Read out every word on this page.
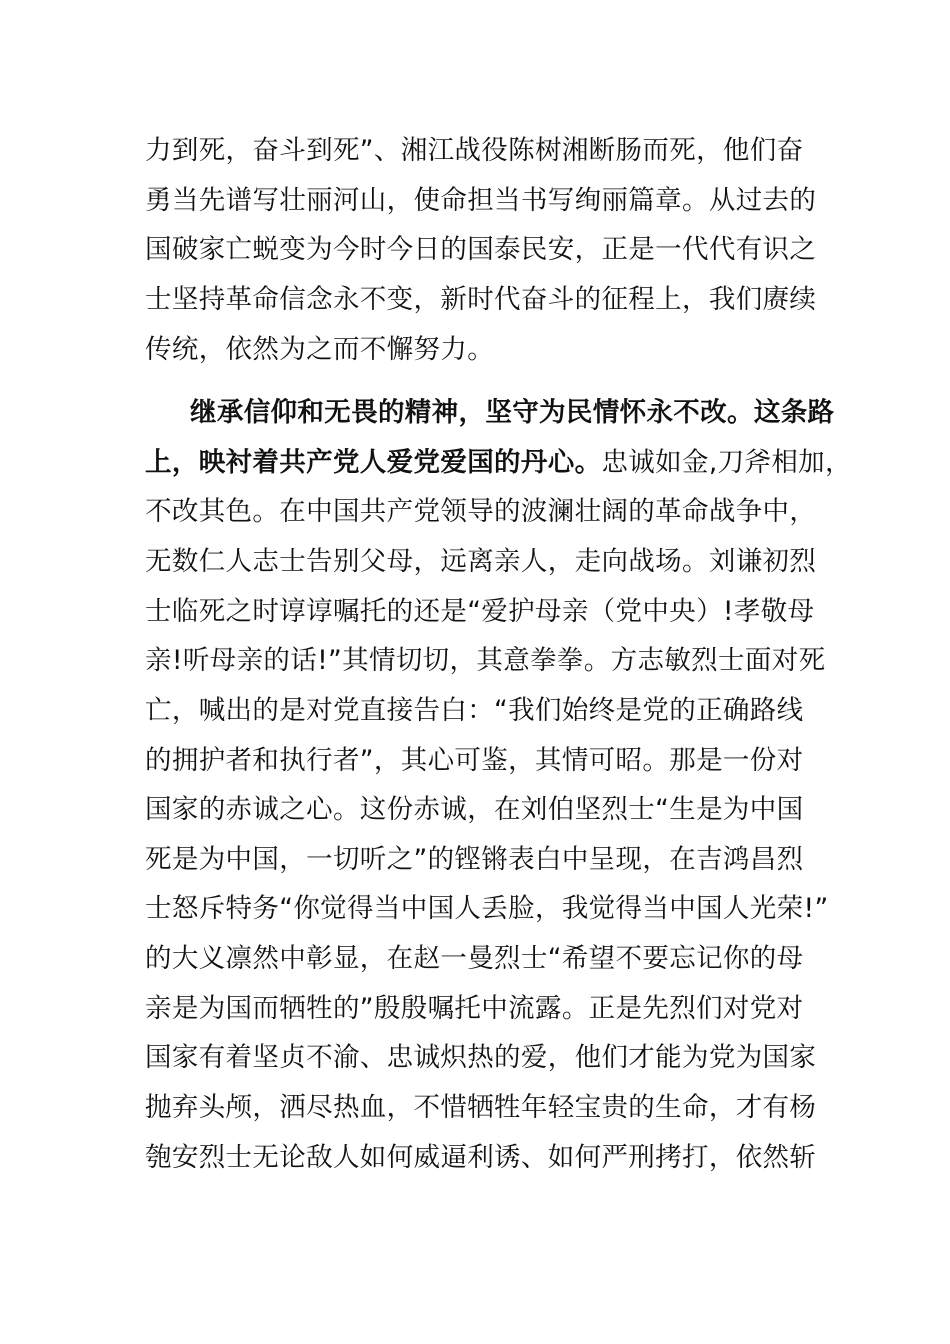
力到死，奋斗到死”、湘江战役陈树湘断肠而死，他们奋
勇当先谱写壮丽河山，使命担当书写绚丽篇章。从过去的
国破家亡蜕变为今时今日的国泰民安，正是一代代有识之
士坚持革命信念永不变，新时代奋斗的征程上，我们赓续
传统，依然为之而不懈努力。
继承信仰和无畏的精神，坚守为民情怀永不改。这条路
上，映衬着共产党人爱党爱国的丹心。忠诚如金,刀斧相加，
不改其色。在中国共产党领导的波澜壮阔的革命战争中，
无数仁人志士告别父母，远离亲人，走向战场。刘谦初烈
士临死之时谆谆嘱托的还是“爱护母亲（党中央）!孝敬母
亲!听母亲的话!”其情切切，其意拳拳。方志敏烈士面对死
亡，喊出的是对党直接告白：“我们始终是党的正确路线
的拥护者和执行者”，其心可鉴，其情可昭。那是一份对
国家的赤诚之心。这份赤诚，在刘伯坚烈士“生是为中国
死是为中国，一切听之”的铿锵表白中呈现，在吉鸿昌烈
士怒斥特务“你觉得当中国人丢脸，我觉得当中国人光荣!”
的大义凛然中彰显，在赵一曼烈士“希望不要忘记你的母
亲是为国而牺牲的”殷殷嘱托中流露。正是先烈们对党对
国家有着坚贞不渝、忠诚炽热的爱，他们才能为党为国家
抛弃头颅，洒尽热血，不惜牺牲年轻宝贵的生命，才有杨
匏安烈士无论敌人如何威逼利诱、如何严刑拷打，依然斩
